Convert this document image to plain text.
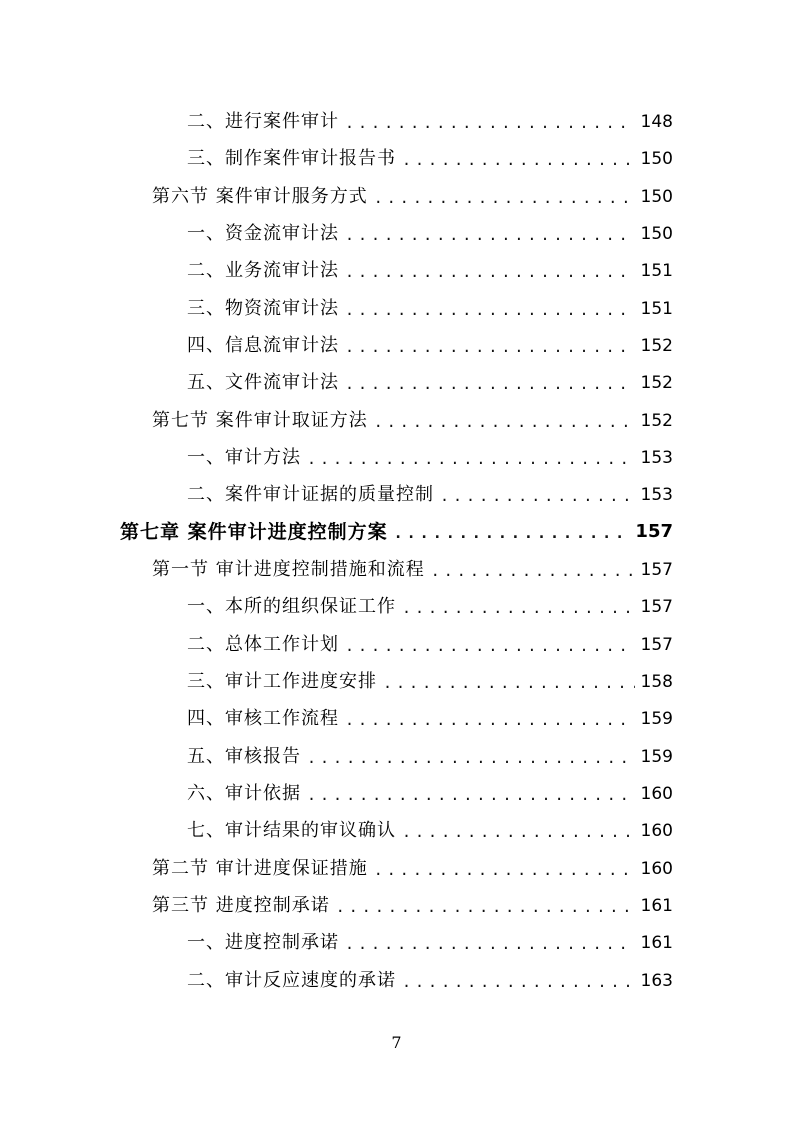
二、进行案件审计 .....	148
三、制作案件审计报告书 .....	150
第六节 案件审计服务方式 .....	150
一、资金流审计法 .....	150
二、业务流审计法 .....	151
三、物资流审计法 .....	151
四、信息流审计法 .....	152
五、文件流审计法 .....	152
第七节 案件审计取证方法 .....	152
一、审计方法 .....	153
二、案件审计证据的质量控制 .....	153
第七章 案件审计进度控制方案 .....	157
第一节 审计进度控制措施和流程 .....	157
一、本所的组织保证工作 .....	157
二、总体工作计划 .....	157
三、审计工作进度安排 .....	158
四、审核工作流程 .....	159
五、审核报告 .....	159
六、审计依据 .....	160
七、审计结果的审议确认 .....	160
第二节 审计进度保证措施 .....	160
第三节 进度控制承诺 .....	161
一、进度控制承诺 .....	161
二、审计反应速度的承诺 .....	163
7
